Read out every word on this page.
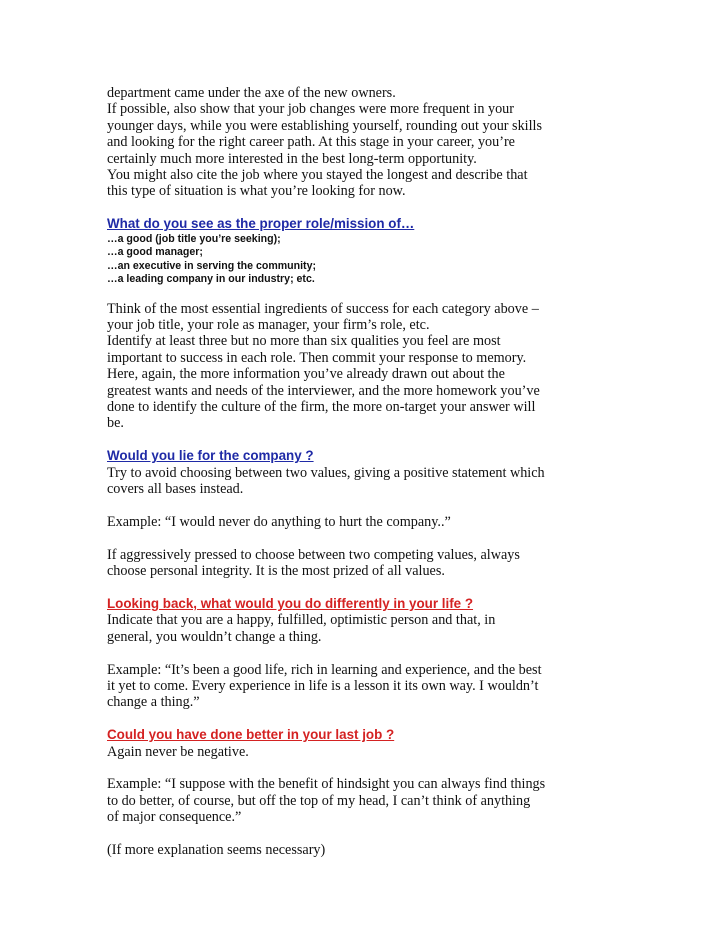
department came under the axe of the new owners.
If possible, also show that your job changes were more frequent in your
younger days, while you were establishing yourself, rounding out your skills
and looking for the right career path. At this stage in your career, you’re
certainly much more interested in the best long-term opportunity.
You might also cite the job where you stayed the longest and describe that
this type of situation is what you’re looking for now.
What do you see as the proper role/mission of…
…a good (job title you’re seeking);
…a good manager;
…an executive in serving the community;
…a leading company in our industry; etc.
Think of the most essential ingredients of success for each category above –
your job title, your role as manager, your firm’s role, etc.
Identify at least three but no more than six qualities you feel are most
important to success in each role. Then commit your response to memory.
Here, again, the more information you’ve already drawn out about the
greatest wants and needs of the interviewer, and the more homework you’ve
done to identify the culture of the firm, the more on-target your answer will
be.
Would you lie for the company ?
Try to avoid choosing between two values, giving a positive statement which
covers all bases instead.
Example: “I would never do anything to hurt the company..”
If aggressively pressed to choose between two competing values, always
choose personal integrity. It is the most prized of all values.
Looking back, what would you do differently in your life ?
Indicate that you are a happy, fulfilled, optimistic person and that, in
general, you wouldn’t change a thing.
Example: “It’s been a good life, rich in learning and experience, and the best
it yet to come. Every experience in life is a lesson it its own way. I wouldn’t
change a thing.”
Could you have done better in your last job ?
Again never be negative.
Example: “I suppose with the benefit of hindsight you can always find things
to do better, of course, but off the top of my head, I can’t think of anything
of major consequence.”
(If more explanation seems necessary)
